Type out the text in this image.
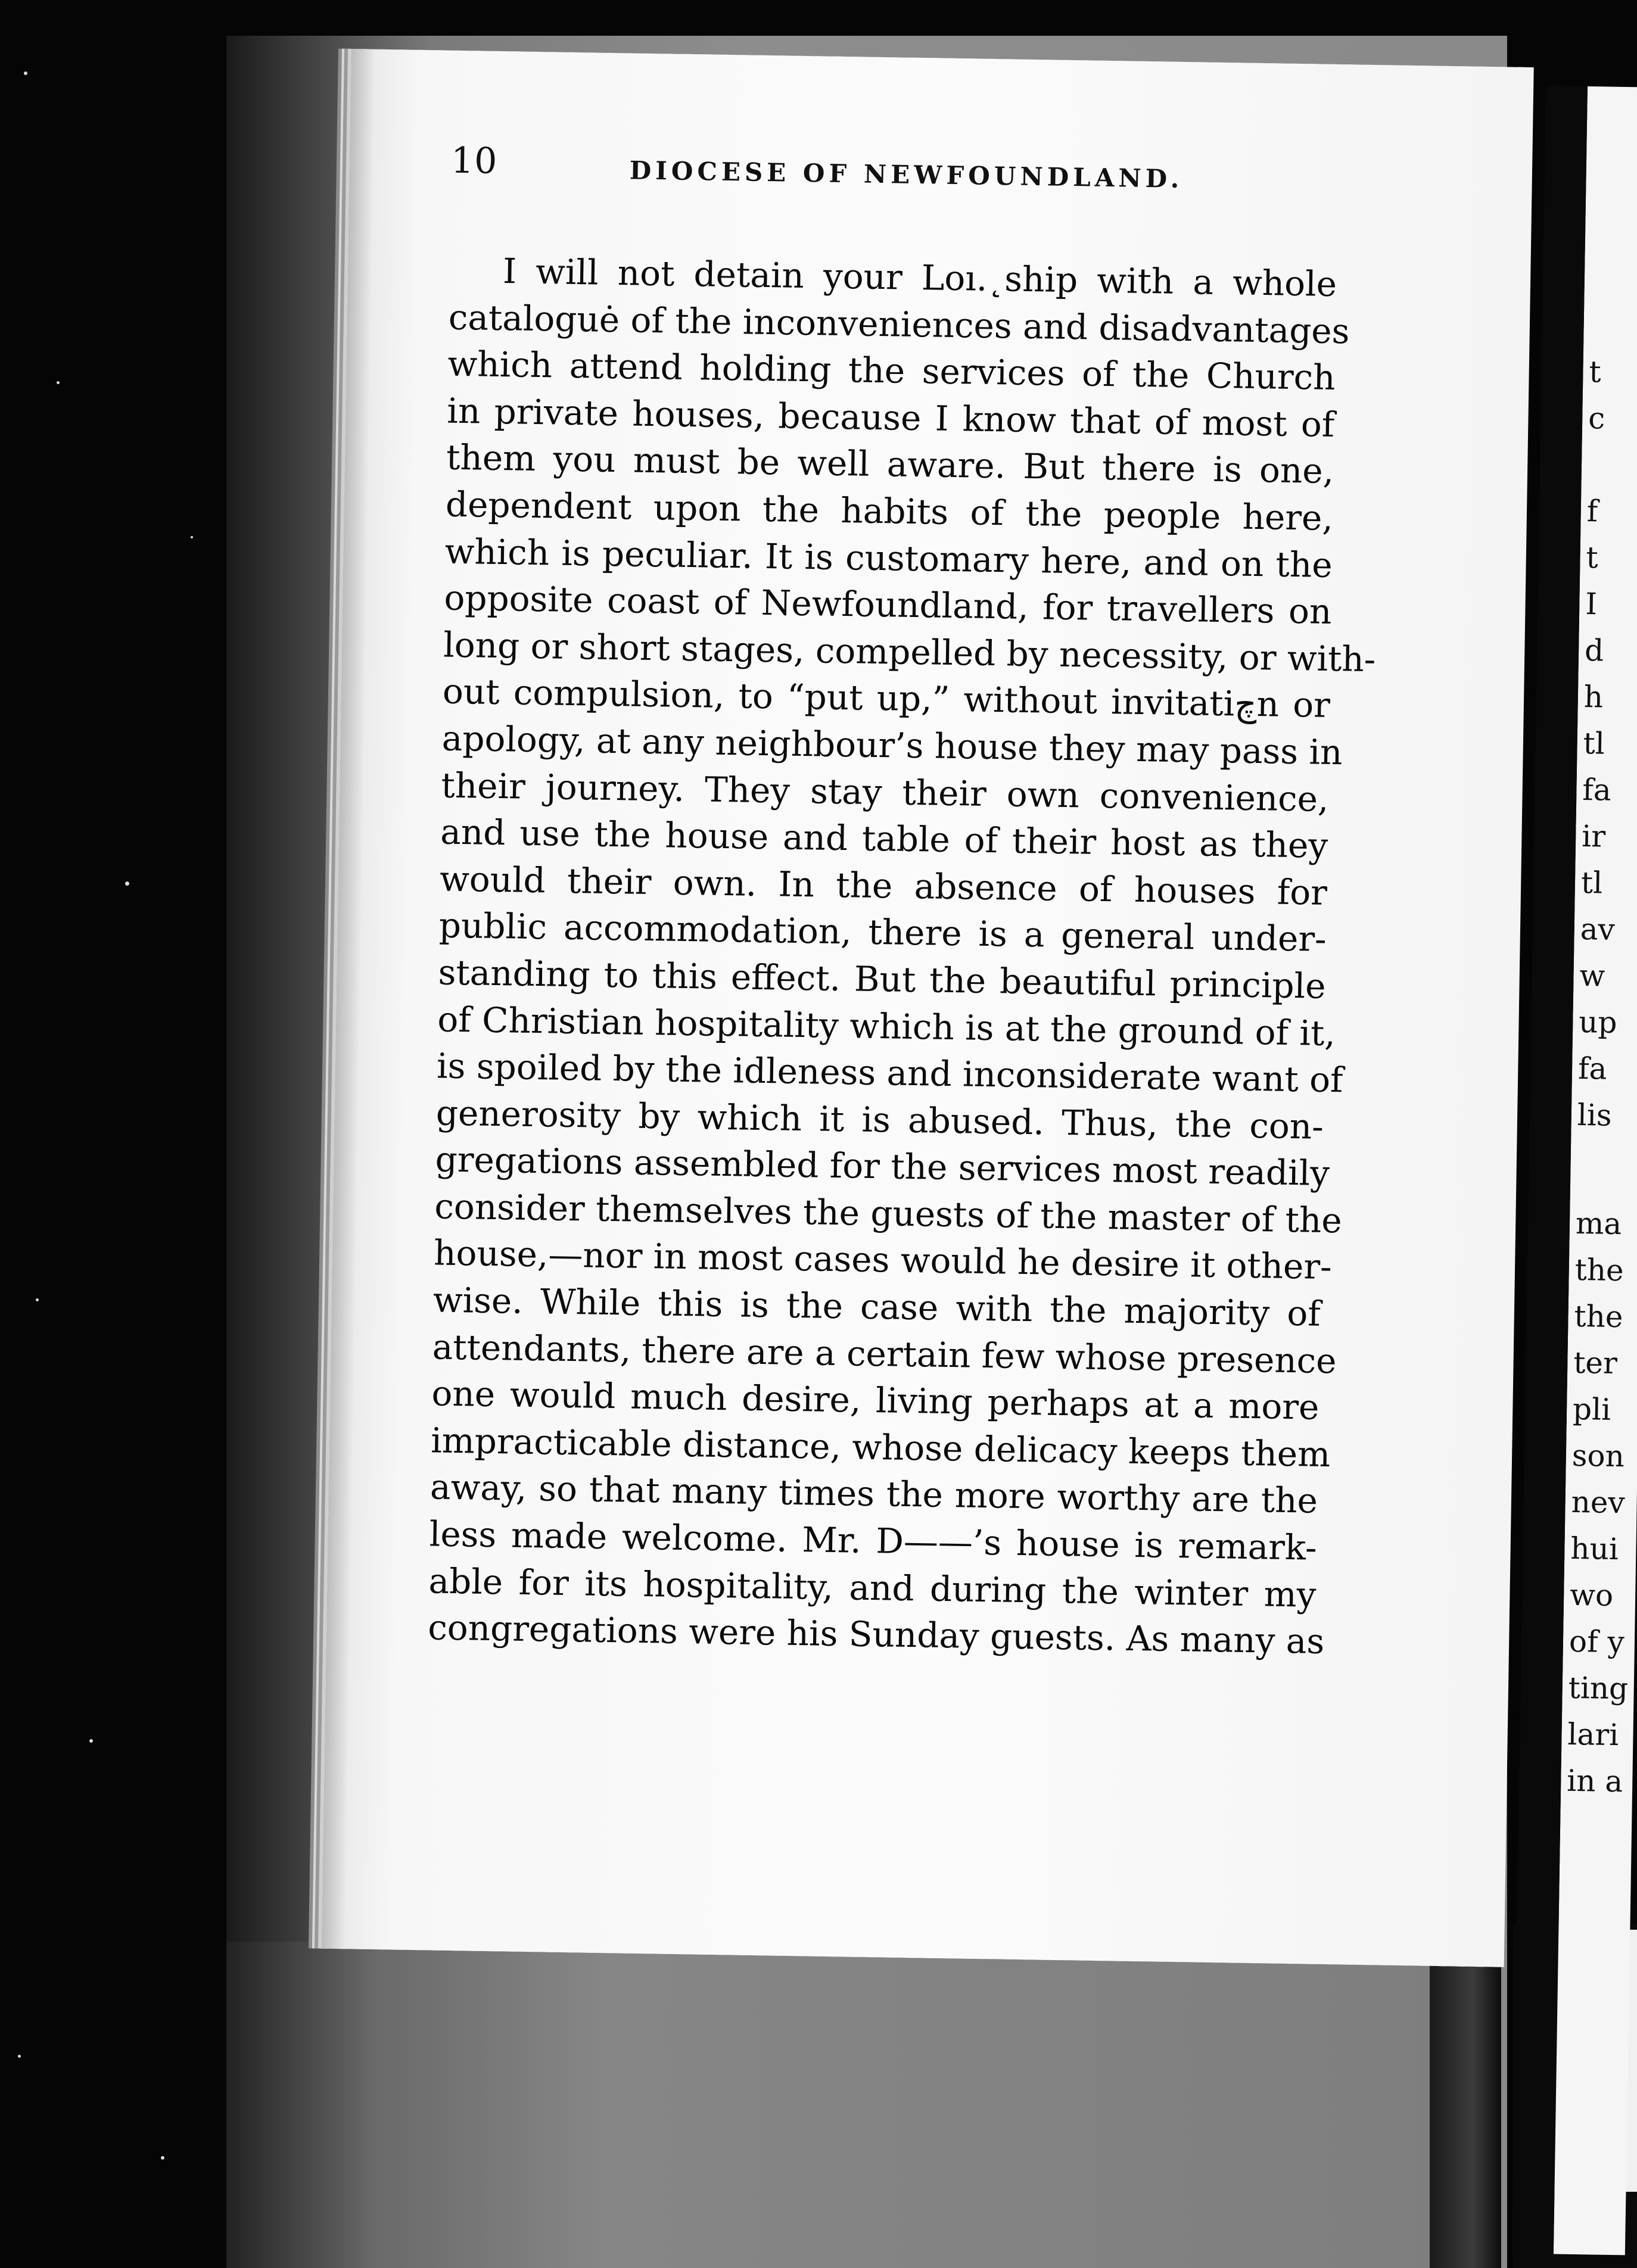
t
c

f
t
I
d
h
tl
fa
ir
tl
av
w
up
fa
lis
ma
the
the
ter
pli
son
nev
hui
wo
of y
ting
lari
in a
10	DIOCESE OF NEWFOUNDLAND.
I will not detain your Loı.˛ship with a whole
cataloguė of the inconveniences and disadvantages
which attend holding the services of the Church
in private houses, because I know that of most of
them you must be well aware. But there is one,
dependent upon the habits of the people here,
which is peculiar. It is customary here, and on the
opposite coast of Newfoundland, for travellers on
long or short stages, compelled by necessity, or with-
out compulsion, to “put up,” without invitatiچn or
apology, at any neighbour’s house they may pass in
their journey. They stay their own convenience,
and use the house and table of their host as they
would their own. In the absence of houses for
public accommodation, there is a general under-
standing to this effect. But the beautiful principle
of Christian hospitality which is at the ground of it,
is spoiled by the idleness and inconsiderate want of
generosity by which it is abused. Thus, the con-
gregations assembled for the services most readily
consider themselves the guests of the master of the
house,—nor in most cases would he desire it other-
wise. While this is the case with the majority of
attendants, there are a certain few whose presence
one would much desire, living perhaps at a more
impracticable distance, whose delicacy keeps them
away, so that many times the more worthy are the
less made welcome. Mr. D——’s house is remark-
able for its hospitality, and during the winter my
congregations were his Sunday guests. As many as
